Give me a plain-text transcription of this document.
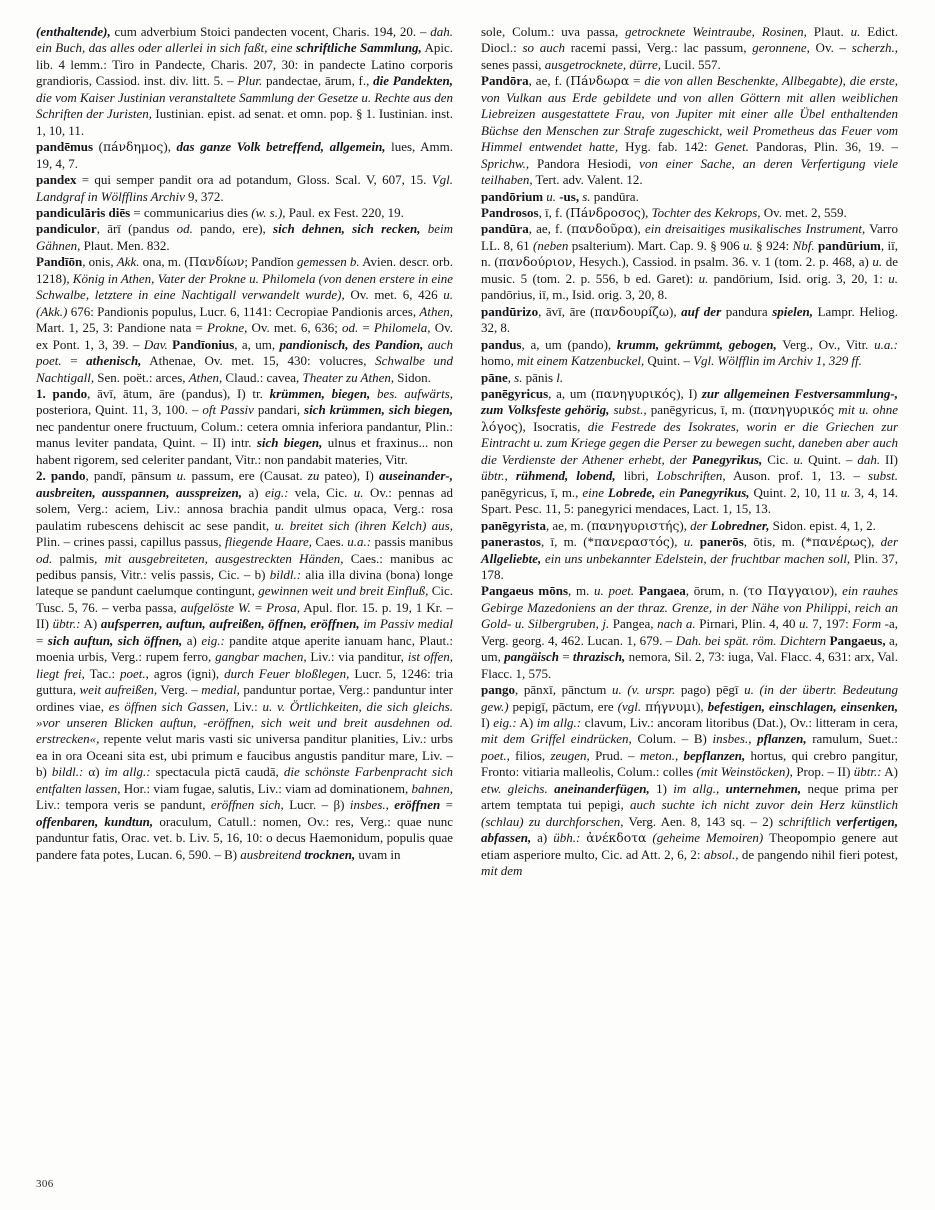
(enthaltende), cum adverbium Stoici pandecten vocent, Charis. 194, 20. – dah. ein Buch, das alles oder allerlei in sich faßt, eine schriftliche Sammlung, Apic. lib. 4 lemm.: Tiro in Pandecte, Charis. 207, 30: in pandecte Latino corporis grandioris, Cassiod. inst. div. litt. 5. – Plur. pandectae, ārum, f., die Pandekten, die vom Kaiser Justinian veranstaltete Sammlung der Gesetze u. Rechte aus den Schriften der Juristen, Iustinian. epist. ad senat. et omn. pop. § 1. Iustinian. inst. 1, 10, 11.

pandēmus (πáνδημος), das ganze Volk betreffend, allgemein, lues, Amm. 19, 4, 7.

pandex = qui semper pandit ora ad potandum, Gloss. Scal. V, 607, 15. Vgl. Landgraf in Wölfflins Archiv 9, 372.

pandiculāris diēs = communicarius dies (w. s.), Paul. ex Fest. 220, 19.

pandiculor, ārī (pandus od. pando, ere), sich dehnen, sich recken, beim Gähnen, Plaut. Men. 832.

Pandīōn, onis, Akk. ona, m. (Πανδíων; Pandĭon gemessen b. Avien. descr. orb. 1218), König in Athen, Vater der Prokne u. Philomela (von denen erstere in eine Schwalbe, letztere in eine Nachtigall verwandelt wurde), Ov. met. 6, 426 u. (Akk.) 676: Pandionis populus, Lucr. 6, 1141: Cecropiae Pandionis arces, Athen, Mart. 1, 25, 3: Pandione nata = Prokne, Ov. met. 6, 636; od. = Philomela, Ov. ex Pont. 1, 3, 39. – Dav. Pandīonius, a, um, pandionisch, des Pandion, auch poet. = athenisch, Athenae, Ov. met. 15, 430: volucres, Schwalbe und Nachtigall, Sen. poët.: arces, Athen, Claud.: cavea, Theater zu Athen, Sidon.

1. pando, āvī, ātum, āre (pandus), I) tr. krümmen, biegen, bes. aufwärts, posteriora, Quint. 11, 3, 100. – oft Passiv pandari, sich krümmen, sich biegen, nec pandentur onere fructuum, Colum.: cetera omnia inferiora pandantur, Plin.: manus leviter pandata, Quint. – II) intr. sich biegen, ulnus et fraxinus... non habent rigorem, sed celeriter pandant, Vitr.: non pandabit materies, Vitr.

2. pando, pandī, pānsum u. passum, ere (Causat. zu pateo), I) auseinander-, ausbreiten, ausspannen, ausspreizen, a) eig.: vela, Cic. u. Ov.: pennas ad solem, Verg.: aciem, Liv.: annosa brachia pandit ulmus opaca, Verg.: rosa paulatim rubescens dehiscit ac sese pandit, u. breitet sich (ihren Kelch) aus, Plin. – crines passi, capillus passus, fliegende Haare, Caes. u.a.: passis manibus od. palmis, mit ausgebreiteten, ausgestreckten Händen, Caes.: manibus ac pedibus pansis, Vitr.: velis passis, Cic. – b) bildl.: alia illa divina (bona) longe lateque se pandunt caelumque contingunt, gewinnen weit und breit Einfluß, Cic. Tusc. 5, 76. – verba passa, aufgelöste W. = Prosa, Apul. flor. 15. p. 19, 1 Kr. – II) übtr.: A) aufsperren, auftun, aufreißen, öffnen, eröffnen, im Passiv medial = sich auftun, sich öffnen, a) eig.: pandite atque aperite ianuam hanc, Plaut.: moenia urbis, Verg.: rupem ferro, gangbar machen, Liv.: via panditur, ist offen, liegt frei, Tac.: poet., agros (igni), durch Feuer bloßlegen, Lucr. 5, 1246: tria guttura, weit aufreißen, Verg. – medial, panduntur portae, Verg.: panduntur inter ordines viae, es öffnen sich Gassen, Liv.: u. v. Örtlichkeiten, die sich gleichs. »vor unseren Blicken auftun, -eröffnen, sich weit und breit ausdehnen od. erstrecken«, repente velut maris vasti sic universa panditur planities, Liv.: urbs ea in ora Oceani sita est, ubi primum e faucibus angustis panditur mare, Liv. – b) bildl.: α) im allg.: spectacula pictā caudā, die schönste Farbenpracht sich entfalten lassen, Hor.: viam fugae, salutis, Liv.: viam ad dominationem, bahnen, Liv.: tempora veris se pandunt, eröffnen sich, Lucr. – β) insbes., eröffnen = offenbaren, kundtun, oraculum, Catull.: nomen, Ov.: res, Verg.: quae nunc panduntur fatis, Orac. vet. b. Liv. 5, 16, 10: o decus Haemonidum, populis quae pandere fata potes, Lucan. 6, 590. – B) ausbreitend trocknen, uvam in

sole, Colum.: uva passa, getrocknete Weintraube, Rosinen, Plaut. u. Edict. Diocl.: so auch racemi passi, Verg.: lac passum, geronnene, Ov. – scherzh., senes passi, ausgetrocknete, dürre, Lucil. 557.

Pandōra, ae, f. (Πáνδωρα = die von allen Beschenkte, Allbegabte), die erste, von Vulkan aus Erde gebildete und von allen Göttern mit allen weiblichen Liebreizen ausgestattete Frau, von Jupiter mit einer alle Übel enthaltenden Büchse den Menschen zur Strafe zugeschickt, weil Prometheus das Feuer vom Himmel entwendet hatte, Hyg. fab. 142: Genet. Pandoras, Plin. 36, 19. – Sprichw., Pandora Hesiodi, von einer Sache, an deren Verfertigung viele teilhaben, Tert. adv. Valent. 12.

pandōrium u. -us, s. pandūra.

Pandrosos, ī, f. (Πáνδροσος), Tochter des Kekrops, Ov. met. 2, 559.

pandūra, ae, f. (πανδοῦρα), ein dreisaitiges musikalisches Instrument, Varro LL. 8, 61 (neben psalterium). Mart. Cap. 9. § 906 u. § 924: Nbf. pandūrium, iī, n. (πανδούριον, Hesych.), Cassiod. in psalm. 36. v. 1 (tom. 2. p. 468, a) u. de music. 5 (tom. 2. p. 556, b ed. Garet): u. pandōrium, Isid. orig. 3, 20, 1: u. pandōrius, iī, m., Isid. orig. 3, 20, 8.

pandūrizo, āvī, āre (πανδουρíζω), auf der pandura spielen, Lampr. Heliog. 32, 8.

pandus, a, um (pando), krumm, gekrümmt, gebogen, Verg., Ov., Vitr. u.a.: homo, mit einem Katzenbuckel, Quint. – Vgl. Wölfflin im Archiv 1, 329 ff.

pāne, s. pānis l.

panēgyricus, a, um (πανηγυρικóς), I) zur allgemeinen Festversammlung-, zum Volksfeste gehörig, subst., panēgyricus, ī, m. (πανηγυρικóς mit u. ohne λóγος), Isocratis, die Festrede des Isokrates, worin er die Griechen zur Eintracht u. zum Kriege gegen die Perser zu bewegen sucht, daneben aber auch die Verdienste der Athener erhebt, der Panegyrikus, Cic. u. Quint. – dah. II) übtr., rühmend, lobend, libri, Lobschriften, Auson. prof. 1, 13. – subst. panēgyricus, ī, m., eine Lobrede, ein Panegyrikus, Quint. 2, 10, 11 u. 3, 4, 14. Spart. Pesc. 11, 5: panegyrici mendaces, Lact. 1, 15, 13.

panēgyrista, ae, m. (πανηγυριστής), der Lobredner, Sidon. epist. 4, 1, 2.

panerastos, ī, m. (*πανεραστóς), u. panerōs, ōtis, m. (*πανέρως), der Allgeliebte, ein uns unbekannter Edelstein, der fruchtbar machen soll, Plin. 37, 178.

Pangaeus mōns, m. u. poet. Pangaea, ōrum, n. (το Παγγαιον), ein rauhes Gebirge Mazedoniens an der thraz. Grenze, in der Nähe von Philippi, reich an Gold- u. Silbergruben, j. Pangea, nach a. Pirnari, Plin. 4, 40 u. 7, 197: Form -a, Verg. georg. 4, 462. Lucan. 1, 679. – Dah. bei spät. röm. Dichtern Pangaeus, a, um, pangäisch = thrazisch, nemora, Sil. 2, 73: iuga, Val. Flacc. 4, 631: arx, Val. Flacc. 1, 575.

pango, pānxī, pānctum u. (v. urspr. pago) pēgī u. (in der übertr. Bedeutung gew.) pepigī, pāctum, ere (vgl. πήγνυμι), befestigen, einschlagen, einsenken, I) eig.: A) im allg.: clavum, Liv.: ancoram litoribus (Dat.), Ov.: litteram in cera, mit dem Griffel eindrücken, Colum. – B) insbes., pflanzen, ramulum, Suet.: poet., filios, zeugen, Prud. – meton., bepflanzen, hortus, qui crebro pangitur, Fronto: vitiaria malleolis, Colum.: colles (mit Weinstöcken), Prop. – II) übtr.: A) etw. gleichs. aneinanderfügen, 1) im allg., unternehmen, neque prima per artem temptata tui pepigi, auch suchte ich nicht zuvor dein Herz künstlich (schlau) zu durchforschen, Verg. Aen. 8, 143 sq. – 2) schriftlich verfertigen, abfassen, a) übh.: ἀνέκδοτα (geheime Memoiren) Theopompio genere aut etiam asperiore multo, Cic. ad Att. 2, 6, 2: absol., de pangendo nihil fieri potest, mit dem

306
